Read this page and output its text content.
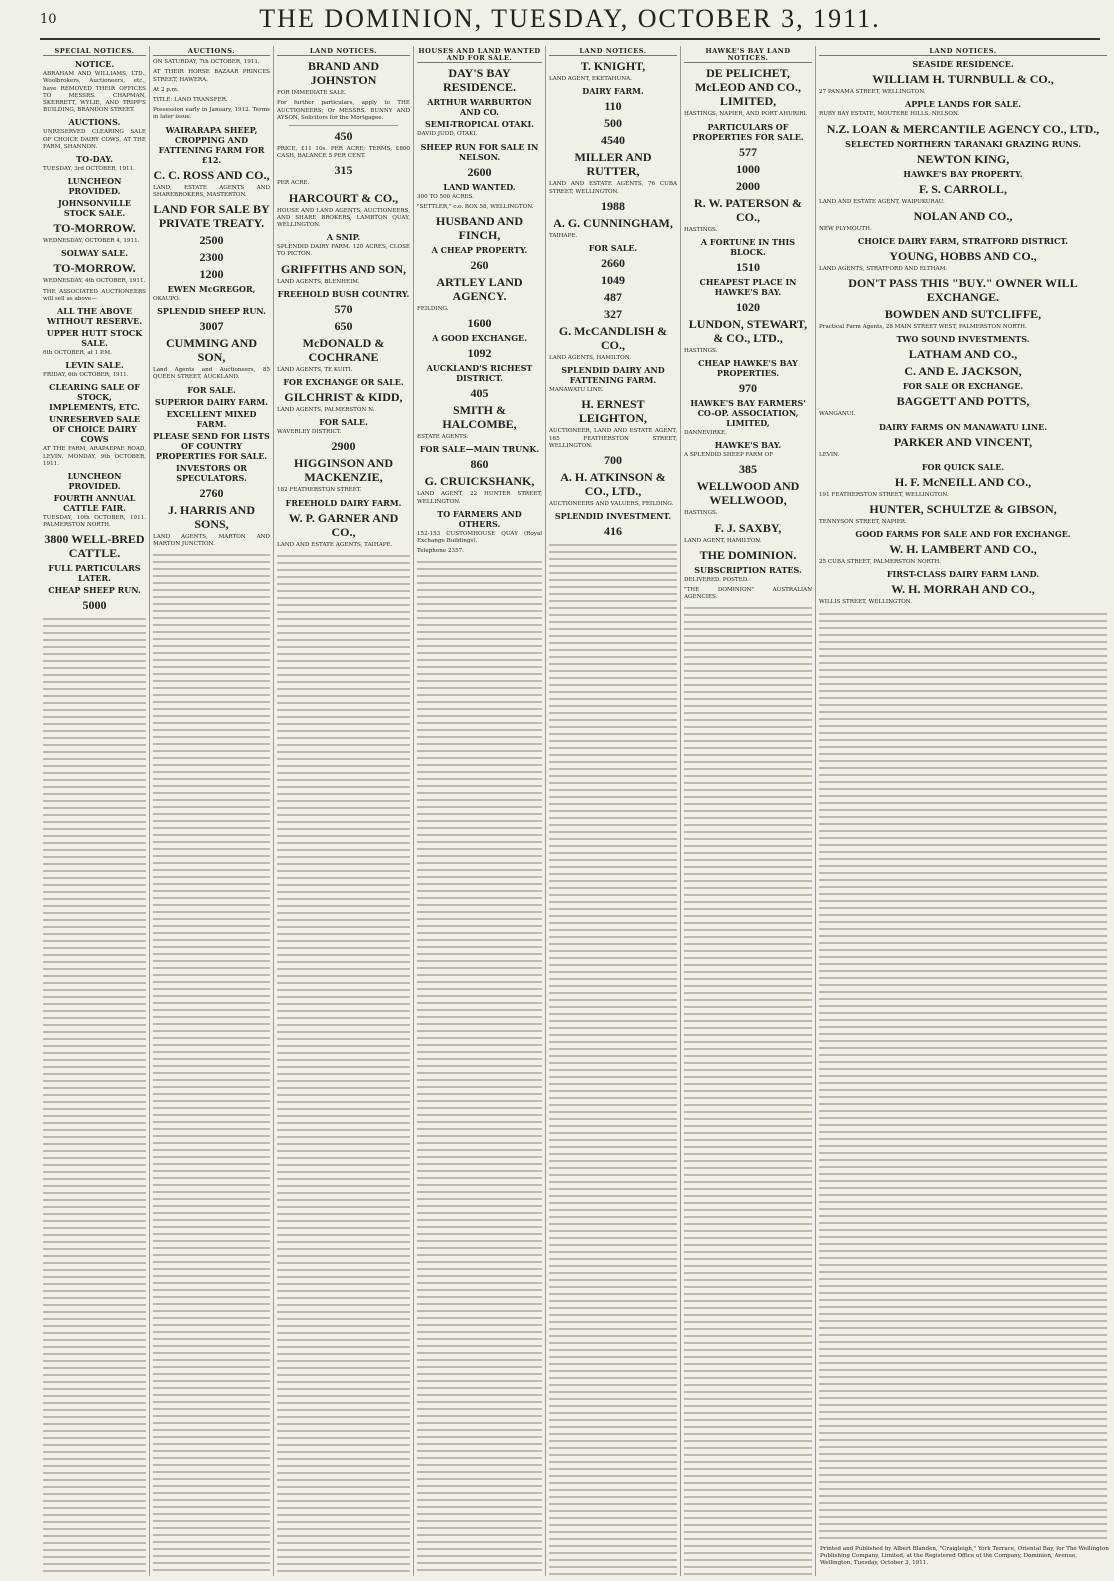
10	THE DOMINION, TUESDAY, OCTOBER 3, 1911.
SPECIAL NOTICES.
NOTICE.
ABRAHAM AND WILLIAMS, LTD., Woolbrokers, Auctioneers, etc., have REMOVED THEIR OFFICES TO MESSRS. CHAPMAN, SKERRETT, WYLIE, AND TRIPP'S BUILDING, BRANDON STREET.
AUCTIONS.
UNRESERVED CLEARING SALE OF CHOICE DAIRY COWS, AT THE FARM, SHANNON.
TO-DAY.
TUESDAY, 3rd OCTOBER, 1911.
LUNCHEON PROVIDED.
JOHNSONVILLE STOCK SALE.
TO-MORROW.
WEDNESDAY, OCTOBER 4, 1911.
SOLWAY SALE.
TO-MORROW.
WEDNESDAY, 4th OCTOBER, 1911.
THE ASSOCIATED AUCTIONEERS will sell as above—
ALL THE ABOVE WITHOUT RESERVE.
UPPER HUTT STOCK SALE.
6th OCTOBER, at 1 P.M.
LEVIN SALE.
FRIDAY, 6th OCTOBER, 1911.
CLEARING SALE OF STOCK, IMPLEMENTS, ETC.
UNRESERVED SALE OF CHOICE DAIRY COWS
AT THE FARM, ARAPAEPAE ROAD, LEVIN. MONDAY, 9th OCTOBER, 1911.
LUNCHEON PROVIDED.
FOURTH ANNUAL CATTLE FAIR.
TUESDAY, 10th OCTOBER, 1911. PALMERSTON NORTH.
3800 WELL-BRED CATTLE.
FULL PARTICULARS LATER.
CHEAP SHEEP RUN.
5000
AUCTIONS.
ON SATURDAY, 7th OCTOBER, 1911.
AT THEIR HORSE BAZAAR PRINCES STREET, HAWERA.
At 2 p.m.
TITLE: LAND TRANSFER.
Possession early in January, 1912. Terms in later issue.
WAIRARAPA SHEEP, CROPPING AND FATTENING FARM FOR £12.
C. C. ROSS AND CO.,
LAND, ESTATE AGENTS AND SHAREBROKERS, MASTERTON.
LAND FOR SALE BY PRIVATE TREATY.
2500
2300
1200
EWEN McGREGOR,
OKAUPO.
SPLENDID SHEEP RUN.
3007
CUMMING AND SON,
Land Agents and Auctioneers, 85 QUEEN STREET, AUCKLAND.
FOR SALE.
SUPERIOR DAIRY FARM.
EXCELLENT MIXED FARM.
PLEASE SEND FOR LISTS OF COUNTRY PROPERTIES FOR SALE.
INVESTORS OR SPECULATORS.
2760
J. HARRIS AND SONS,
LAND AGENTS, MARTON AND MARTON JUNCTION.
LAND NOTICES.
BRAND AND JOHNSTON
FOR IMMEDIATE SALE.
For further particulars, apply to THE AUCTIONEERS; Or MESSRS. BUNNY AND AYSON, Solicitors for the Mortgagee.
450
PRICE, £11 10s. PER ACRE; TERMS, £800 CASH, BALANCE 5 PER CENT.
315
PER ACRE.
HARCOURT & CO.,
HOUSE AND LAND AGENTS, AUCTIONEERS, AND SHARE BROKERS, LAMBTON QUAY, WELLINGTON.
A SNIP.
SPLENDID DAIRY FARM. 120 ACRES, CLOSE TO PICTON.
GRIFFITHS AND SON,
LAND AGENTS, BLENHEIM.
FREEHOLD BUSH COUNTRY.
570
650
McDONALD & COCHRANE
LAND AGENTS, TE KUITI.
FOR EXCHANGE OR SALE.
GILCHRIST & KIDD,
LAND AGENTS, PALMERSTON N.
FOR SALE.
WAVERLEY DISTRICT.
2900
HIGGINSON AND MACKENZIE,
182 FEATHERSTON STREET.
FREEHOLD DAIRY FARM.
W. P. GARNER AND CO.,
LAND AND ESTATE AGENTS, TAIHAPE.
HOUSES AND LAND WANTED AND FOR SALE.
DAY'S BAY RESIDENCE.
ARTHUR WARBURTON AND CO.
SEMI-TROPICAL OTAKI.
DAVID JUDD, OTAKI.
SHEEP RUN FOR SALE IN NELSON.
2600
LAND WANTED.
300 TO 500 ACRES.
"SETTLER," c.o. BOX 58, WELLINGTON.
HUSBAND AND FINCH,
A CHEAP PROPERTY.
260
ARTLEY LAND AGENCY.
FEILDING.
1600
A GOOD EXCHANGE.
1092
AUCKLAND'S RICHEST DISTRICT.
405
SMITH & HALCOMBE,
ESTATE AGENTS.
FOR SALE—MAIN TRUNK.
860
G. CRUICKSHANK,
LAND AGENT, 22 HUNTER STREET, WELLINGTON.
TO FARMERS AND OTHERS.
152-153 CUSTOMHOUSE QUAY (Royal Exchange Buildings).
Telephone 2357.
LAND NOTICES.
T. KNIGHT,
LAND AGENT, EKETAHUNA.
DAIRY FARM.
110
500
4540
MILLER AND RUTTER,
LAND AND ESTATE AGENTS, 76 CUBA STREET, WELLINGTON.
1988
A. G. CUNNINGHAM,
TAIHAPE.
FOR SALE.
2660
1049
487
327
G. McCANDLISH & CO.,
LAND AGENTS, HAMILTON.
SPLENDID DAIRY AND FATTENING FARM.
MANAWATU LINE.
H. ERNEST LEIGHTON,
AUCTIONEER, LAND AND ESTATE AGENT, 165 FEATHERSTON STREET, WELLINGTON.
700
A. H. ATKINSON & CO., LTD.,
AUCTIONEERS AND VALUERS, FEILDING.
SPLENDID INVESTMENT.
416
HAWKE'S BAY LAND NOTICES.
DE PELICHET, McLEOD AND CO., LIMITED,
HASTINGS, NAPIER, AND PORT AHURIRI.
PARTICULARS OF PROPERTIES FOR SALE.
577
1000
2000
R. W. PATERSON & CO.,
HASTINGS.
A FORTUNE IN THIS BLOCK.
1510
CHEAPEST PLACE IN HAWKE'S BAY.
1020
LUNDON, STEWART, & CO., LTD.,
HASTINGS.
CHEAP HAWKE'S BAY PROPERTIES.
970
HAWKE'S BAY FARMERS' CO-OP. ASSOCIATION, LIMITED,
DANNEVIRKE.
HAWKE'S BAY.
A SPLENDID SHEEP FARM OF
385
WELLWOOD AND WELLWOOD,
HASTINGS.
F. J. SAXBY,
LAND AGENT, HAMILTON.
THE DOMINION.
SUBSCRIPTION RATES.
DELIVERED. POSTED.
"THE DOMINION" AUSTRALIAN AGENCIES.
LAND NOTICES.
SEASIDE RESIDENCE.
WILLIAM H. TURNBULL & CO.,
27 PANAMA STREET, WELLINGTON.
APPLE LANDS FOR SALE.
RUBY BAY ESTATE, MOUTERE HILLS, NELSON.
N.Z. LOAN & MERCANTILE AGENCY CO., LTD.,
SELECTED NORTHERN TARANAKI GRAZING RUNS.
NEWTON KING,
HAWKE'S BAY PROPERTY.
F. S. CARROLL,
LAND AND ESTATE AGENT, WAIPUKURAU.
NOLAN AND CO.,
NEW PLYMOUTH.
CHOICE DAIRY FARM, STRATFORD DISTRICT.
YOUNG, HOBBS AND CO.,
LAND AGENTS, STRATFORD AND ELTHAM.
DON'T PASS THIS "BUY." OWNER WILL EXCHANGE.
BOWDEN AND SUTCLIFFE,
Practical Farm Agents, 28 MAIN STREET WEST, PALMERSTON NORTH.
TWO SOUND INVESTMENTS.
LATHAM AND CO.,
C. AND E. JACKSON,
FOR SALE OR EXCHANGE.
BAGGETT AND POTTS,
WANGANUI.
DAIRY FARMS ON MANAWATU LINE.
PARKER AND VINCENT,
LEVIN.
FOR QUICK SALE.
H. F. McNEILL AND CO.,
191 FEATHERSTON STREET, WELLINGTON.
HUNTER, SCHULTZE & GIBSON,
TENNYSON STREET, NAPIER.
GOOD FARMS FOR SALE AND FOR EXCHANGE.
W. H. LAMBERT AND CO.,
25 CUBA STREET, PALMERSTON NORTH.
FIRST-CLASS DAIRY FARM LAND.
W. H. MORRAH AND CO.,
WILLIS STREET, WELLINGTON.
Printed and Published by Albert Blanden, "Craigleigh," York Terrace, Oriental Bay, for The Wellington Publishing Company, Limited, at the Registered Office of the Company, Dominion, Avenue, Wellington, Tuesday, October 3, 1911.
